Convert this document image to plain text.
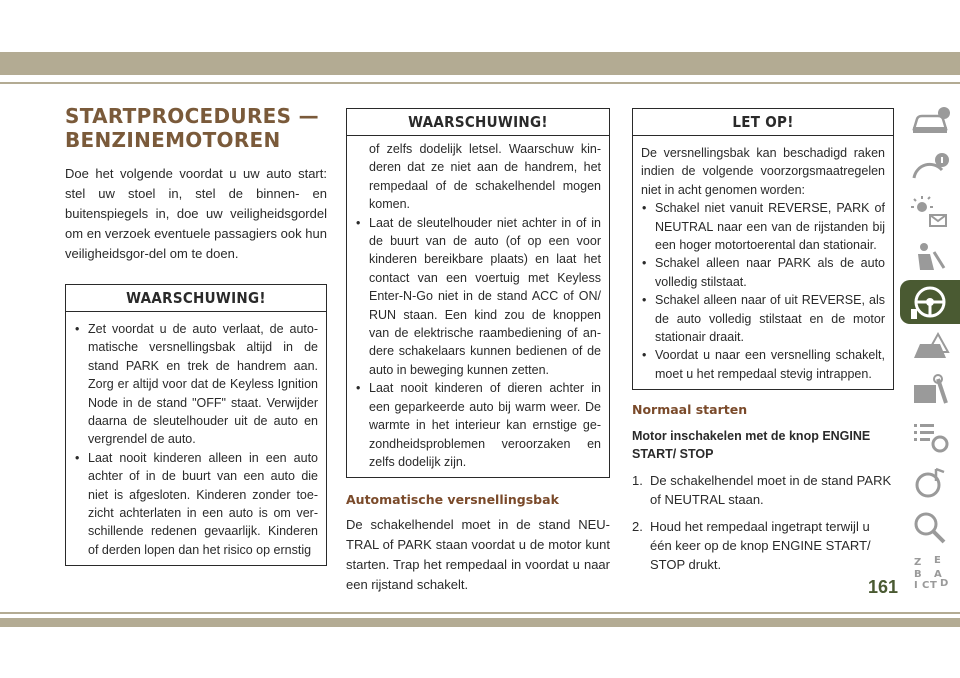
STARTPROCEDURES —
BENZINEMOTOREN

Doe het volgende voordat u uw auto start: stel uw stoel in, stel de binnen- en buitenspiegels in, doe uw veiligheidsgordel om en verzoek eventuele passagiers ook hun veiligheidsgor-del om te doen.

WAARSCHUWING!
• Zet voordat u de auto verlaat, de auto-matische versnellingsbak altijd in de stand PARK en trek de handrem aan. Zorg er altijd voor dat de Keyless Ignition Node in de stand "OFF" staat. Verwijder daarna de sleutelhouder uit de auto en vergrendel de auto.
• Laat nooit kinderen alleen in een auto achter of in de buurt van een auto die niet is afgesloten. Kinderen zonder toe-zicht achterlaten in een auto is om ver-schillende redenen gevaarlijk. Kinderen of derden lopen dan het risico op ernstig
WAARSCHUWING!

of zelfs dodelijk letsel. Waarschuw kin-deren dat ze niet aan de handrem, het rempedaal of de schakelhendel mogen komen.

• Laat de sleutelhouder niet achter in of in de buurt van de auto (of op een voor kinderen bereikbare plaats) en laat het contact van een voertuig met Keyless Enter-N-Go niet in de stand ACC of ON/ RUN staan. Een kind zou de knoppen van de elektrische raambediening of an-dere schakelaars kunnen bedienen of de auto in beweging kunnen zetten.
• Laat nooit kinderen of dieren achter in een geparkeerde auto bij warm weer. De warmte in het interieur kan ernstige ge-zondheidsproblemen veroorzaken en zelfs dodelijk zijn.

Automatische versnellingsbak

De schakelhendel moet in de stand NEU-TRAL of PARK staan voordat u de motor kunt starten. Trap het rempedaal in voordat u naar een rijstand schakelt.

LET OP!

De versnellingsbak kan beschadigd raken indien de volgende voorzorgsmaatregelen niet in acht genomen worden:

• Schakel niet vanuit REVERSE, PARK of NEUTRAL naar een van de rijstanden bij een hoger motortoerental dan stationair.
• Schakel alleen naar PARK als de auto volledig stilstaat.
• Schakel alleen naar of uit REVERSE, als de auto volledig stilstaat en de motor stationair draait.
• Voordat u naar een versnelling schakelt, moet u het rempedaal stevig intrappen.

Normaal starten

Motor inschakelen met de knop ENGINE START/ STOP

1. De schakelhendel moet in de stand PARK of NEUTRAL staan.
2. Houd het rempedaal ingetrapt terwijl u één keer op de knop ENGINE START/ STOP drukt.	Z E
B A
I C T D
161
